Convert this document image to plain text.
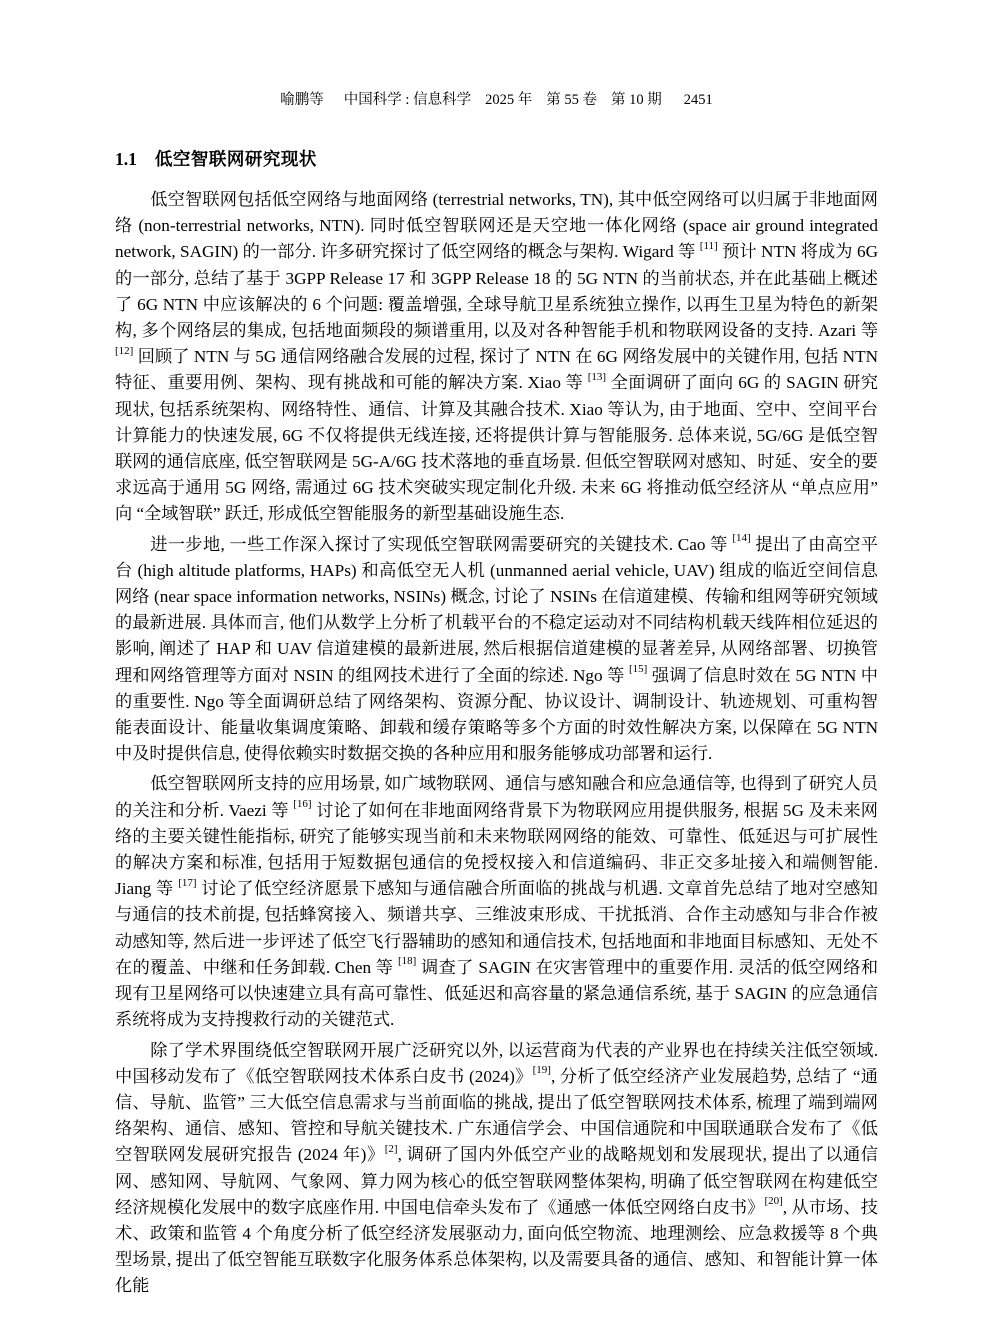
喻鹏等 中国科学 : 信息科学 2025 年 第 55 卷 第 10 期 2451
1.1 低空智联网研究现状

低空智联网包括低空网络与地面网络 (terrestrial networks, TN), 其中低空网络可以归属于非地面网络 (non-terrestrial networks, NTN). 同时低空智联网还是天空地一体化网络 (space air ground integrated network, SAGIN) 的一部分. 许多研究探讨了低空网络的概念与架构. Wigard 等 [11] 预计 NTN 将成为 6G 的一部分, 总结了基于 3GPP Release 17 和 3GPP Release 18 的 5G NTN 的当前状态, 并在此基础上概述了 6G NTN 中应该解决的 6 个问题: 覆盖增强, 全球导航卫星系统独立操作, 以再生卫星为特色的新架构, 多个网络层的集成, 包括地面频段的频谱重用, 以及对各种智能手机和物联网设备的支持. Azari 等 [12] 回顾了 NTN 与 5G 通信网络融合发展的过程, 探讨了 NTN 在 6G 网络发展中的关键作用, 包括 NTN 特征、重要用例、架构、现有挑战和可能的解决方案. Xiao 等 [13] 全面调研了面向 6G 的 SAGIN 研究现状, 包括系统架构、网络特性、通信、计算及其融合技术. Xiao 等认为, 由于地面、空中、空间平台计算能力的快速发展, 6G 不仅将提供无线连接, 还将提供计算与智能服务. 总体来说, 5G/6G 是低空智联网的通信底座, 低空智联网是 5G-A/6G 技术落地的垂直场景. 但低空智联网对感知、时延、安全的要求远高于通用 5G 网络, 需通过 6G 技术突破实现定制化升级. 未来 6G 将推动低空经济从 “单点应用” 向 “全域智联” 跃迁, 形成低空智能服务的新型基础设施生态.

进一步地, 一些工作深入探讨了实现低空智联网需要研究的关键技术. Cao 等 [14] 提出了由高空平台 (high altitude platforms, HAPs) 和高低空无人机 (unmanned aerial vehicle, UAV) 组成的临近空间信息网络 (near space information networks, NSINs) 概念, 讨论了 NSINs 在信道建模、传输和组网等研究领域的最新进展. 具体而言, 他们从数学上分析了机载平台的不稳定运动对不同结构机载天线阵相位延迟的影响, 阐述了 HAP 和 UAV 信道建模的最新进展, 然后根据信道建模的显著差异, 从网络部署、切换管理和网络管理等方面对 NSIN 的组网技术进行了全面的综述. Ngo 等 [15] 强调了信息时效在 5G NTN 中的重要性. Ngo 等全面调研总结了网络架构、资源分配、协议设计、调制设计、轨迹规划、可重构智能表面设计、能量收集调度策略、卸载和缓存策略等多个方面的时效性解决方案, 以保障在 5G NTN 中及时提供信息, 使得依赖实时数据交换的各种应用和服务能够成功部署和运行.

低空智联网所支持的应用场景, 如广域物联网、通信与感知融合和应急通信等, 也得到了研究人员的关注和分析. Vaezi 等 [16] 讨论了如何在非地面网络背景下为物联网应用提供服务, 根据 5G 及未来网络的主要关键性能指标, 研究了能够实现当前和未来物联网网络的能效、可靠性、低延迟与可扩展性的解决方案和标准, 包括用于短数据包通信的免授权接入和信道编码、非正交多址接入和端侧智能. Jiang 等 [17] 讨论了低空经济愿景下感知与通信融合所面临的挑战与机遇. 文章首先总结了地对空感知与通信的技术前提, 包括蜂窝接入、频谱共享、三维波束形成、干扰抵消、合作主动感知与非合作被动感知等, 然后进一步评述了低空飞行器辅助的感知和通信技术, 包括地面和非地面目标感知、无处不在的覆盖、中继和任务卸载. Chen 等 [18] 调查了 SAGIN 在灾害管理中的重要作用. 灵活的低空网络和现有卫星网络可以快速建立具有高可靠性、低延迟和高容量的紧急通信系统, 基于 SAGIN 的应急通信系统将成为支持搜救行动的关键范式.

除了学术界围绕低空智联网开展广泛研究以外, 以运营商为代表的产业界也在持续关注低空领域. 中国移动发布了《低空智联网技术体系白皮书 (2024)》[19], 分析了低空经济产业发展趋势, 总结了 “通信、导航、监管” 三大低空信息需求与当前面临的挑战, 提出了低空智联网技术体系, 梳理了端到端网络架构、通信、感知、管控和导航关键技术. 广东通信学会、中国信通院和中国联通联合发布了《低空智联网发展研究报告 (2024 年)》[2], 调研了国内外低空产业的战略规划和发展现状, 提出了以通信网、感知网、导航网、气象网、算力网为核心的低空智联网整体架构, 明确了低空智联网在构建低空经济规模化发展中的数字底座作用. 中国电信牵头发布了《通感一体低空网络白皮书》[20], 从市场、技术、政策和监管 4 个角度分析了低空经济发展驱动力, 面向低空物流、地理测绘、应急救援等 8 个典型场景, 提出了低空智能互联数字化服务体系总体架构, 以及需要具备的通信、感知、和智能计算一体化能
